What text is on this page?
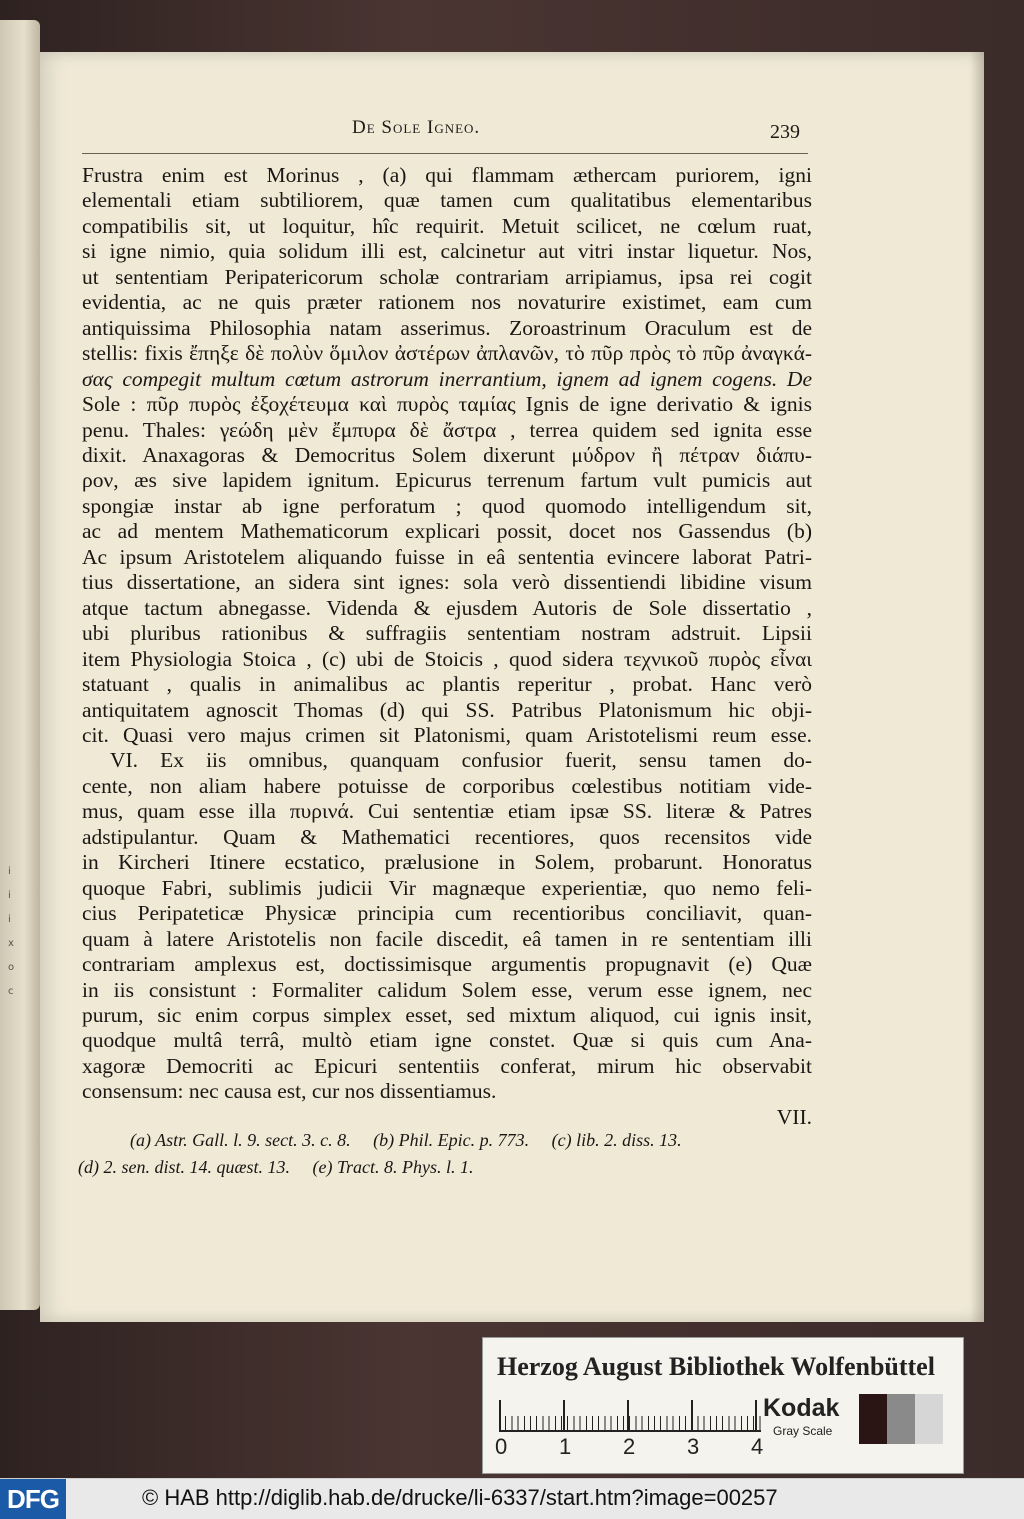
i
i
i
x
o
c
De Sole Igneo.	239
Frustra enim est Morinus , (a) qui flammam æthercam puriorem, igni
elementali etiam subtiliorem, quæ tamen cum qualitatibus elementaribus
compatibilis sit, ut loquitur, hîc requirit. Metuit scilicet, ne cœlum ruat,
si igne nimio, quia solidum illi est, calcinetur aut vitri instar liquetur. Nos,
ut sententiam Peripatericorum scholæ contrariam arripiamus, ipsa rei cogit
evidentia, ac ne quis præter rationem nos novaturire existimet, eam cum
antiquissima Philosophia natam asserimus. Zoroastrinum Oraculum est de
stellis: fixis ἔπηξε δὲ πολὺν ὅμιλον ἀστέρων ἀπλανῶν, τὸ πῦρ πρὸς τὸ πῦρ ἀναγκά-
σας compegit multum cœtum astrorum inerrantium, ignem ad ignem cogens. De
Sole : πῦρ πυρὸς ἐξοχέτευμα καὶ πυρὸς ταμίας Ignis de igne derivatio & ignis
penu. Thales: γεώδη μὲν ἔμπυρα δὲ ἄστρα , terrea quidem sed ignita esse
dixit. Anaxagoras & Democritus Solem dixerunt μύδρον ἢ πέτραν διάπυ-
ρον, æs sive lapidem ignitum. Epicurus terrenum fartum vult pumicis aut
spongiæ instar ab igne perforatum ; quod quomodo intelligendum sit,
ac ad mentem Mathematicorum explicari possit, docet nos Gassendus (b)
Ac ipsum Aristotelem aliquando fuisse in eâ sententia evincere laborat Patri-
tius dissertatione, an sidera sint ignes: sola verò dissentiendi libidine visum
atque tactum abnegasse. Videnda & ejusdem Autoris de Sole dissertatio ,
ubi pluribus rationibus & suffragiis sententiam nostram adstruit. Lipsii
item Physiologia Stoica , (c) ubi de Stoicis , quod sidera τεχνικοῦ πυρὸς εἶναι
statuant , qualis in animalibus ac plantis reperitur , probat. Hanc verò
antiquitatem agnoscit Thomas (d) qui SS. Patribus Platonismum hic obji-
cit. Quasi vero majus crimen sit Platonismi, quam Aristotelismi reum esse.
VI. Ex iis omnibus, quanquam confusior fuerit, sensu tamen do-
cente, non aliam habere potuisse de corporibus cœlestibus notitiam vide-
mus, quam esse illa πυρινά. Cui sententiæ etiam ipsæ SS. literæ & Patres
adstipulantur. Quam & Mathematici recentiores, quos recensitos vide
in Kircheri Itinere ecstatico, prælusione in Solem, probarunt. Honoratus
quoque Fabri, sublimis judicii Vir magnæque experientiæ, quo nemo feli-
cius Peripateticæ Physicæ principia cum recentioribus conciliavit, quan-
quam à latere Aristotelis non facile discedit, eâ tamen in re sententiam illi
contrariam amplexus est, doctissimisque argumentis propugnavit (e) Quæ
in iis consistunt : Formaliter calidum Solem esse, verum esse ignem, nec
purum, sic enim corpus simplex esset, sed mixtum aliquod, cui ignis insit,
quodque multâ terrâ, multò etiam igne constet. Quæ si quis cum Ana-
xagoræ Democriti ac Epicuri sententiis conferat, mirum hic observabit
consensum: nec causa est, cur nos dissentiamus.
VII.
(a) Astr. Gall. l. 9. sect. 3. c. 8. (b) Phil. Epic. p. 773. (c) lib. 2. diss. 13.
(d) 2. sen. dist. 14. quæst. 13. (e) Tract. 8. Phys. l. 1.
Herzog August Bibliothek Wolfenbüttel
0 1 2 3 4
Kodak
Gray Scale
DFG	© HAB http://diglib.hab.de/drucke/li-6337/start.htm?image=00257
